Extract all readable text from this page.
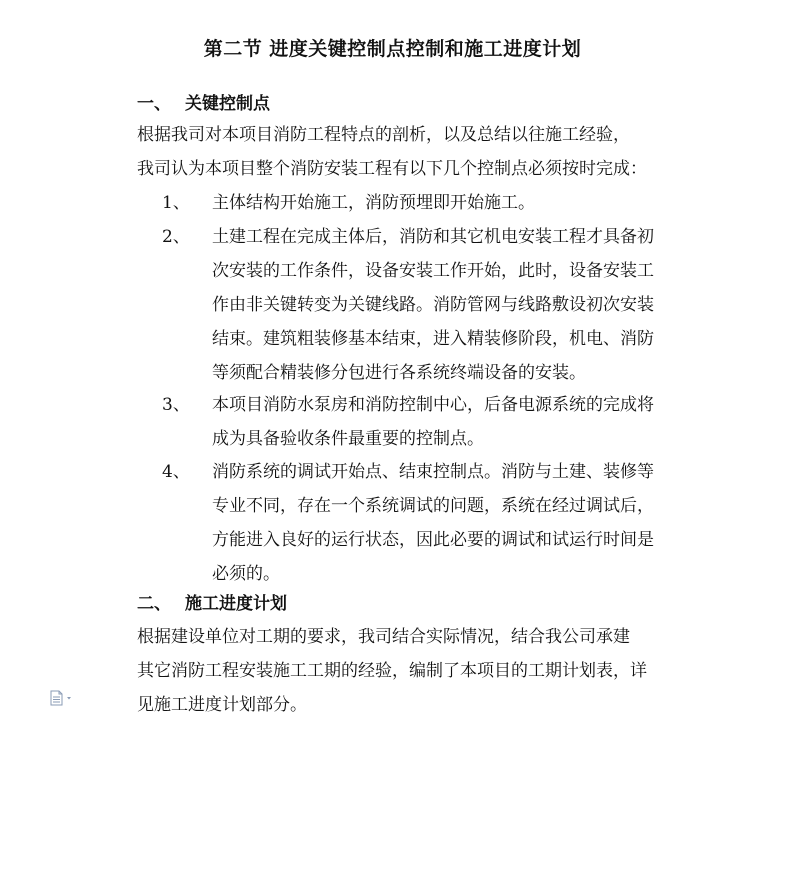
第二节 进度关键控制点控制和施工进度计划
一、 关键控制点
根据我司对本项目消防工程特点的剖析，以及总结以往施工经验，
我司认为本项目整个消防安装工程有以下几个控制点必须按时完成：
1、	主体结构开始施工，消防预埋即开始施工。
2、	土建工程在完成主体后，消防和其它机电安装工程才具备初
次安装的工作条件，设备安装工作开始，此时，设备安装工
作由非关键转变为关键线路。消防管网与线路敷设初次安装
结束。建筑粗装修基本结束，进入精装修阶段，机电、消防
等须配合精装修分包进行各系统终端设备的安装。
3、	本项目消防水泵房和消防控制中心，后备电源系统的完成将
成为具备验收条件最重要的控制点。
4、	消防系统的调试开始点、结束控制点。消防与土建、装修等
专业不同，存在一个系统调试的问题，系统在经过调试后，
方能进入良好的运行状态，因此必要的调试和试运行时间是
必须的。
二、 施工进度计划
根据建设单位对工期的要求，我司结合实际情况，结合我公司承建
其它消防工程安装施工工期的经验，编制了本项目的工期计划表，详
见施工进度计划部分。
